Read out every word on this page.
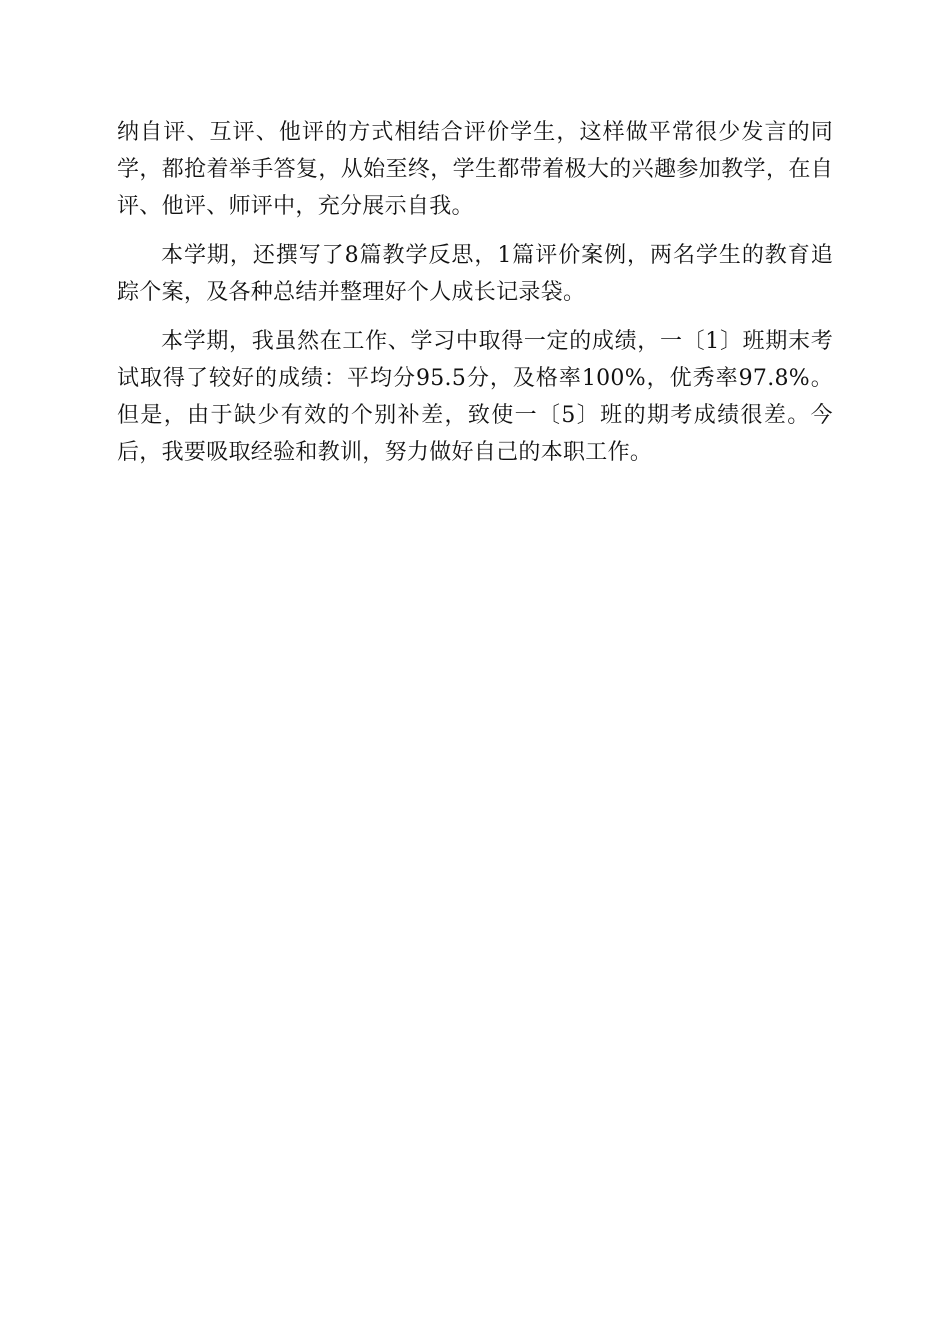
纳自评、互评、他评的方式相结合评价学生，这样做平常很少发言的同学，都抢着举手答复，从始至终，学生都带着极大的兴趣参加教学，在自评、他评、师评中，充分展示自我。

本学期，还撰写了8篇教学反思，1篇评价案例，两名学生的教育追踪个案，及各种总结并整理好个人成长记录袋。

本学期，我虽然在工作、学习中取得一定的成绩，一〔1〕班期末考试取得了较好的成绩：平均分95.5分，及格率100%，优秀率97.8%。但是，由于缺少有效的个别补差，致使一〔5〕班的期考成绩很差。今后，我要吸取经验和教训，努力做好自己的本职工作。
